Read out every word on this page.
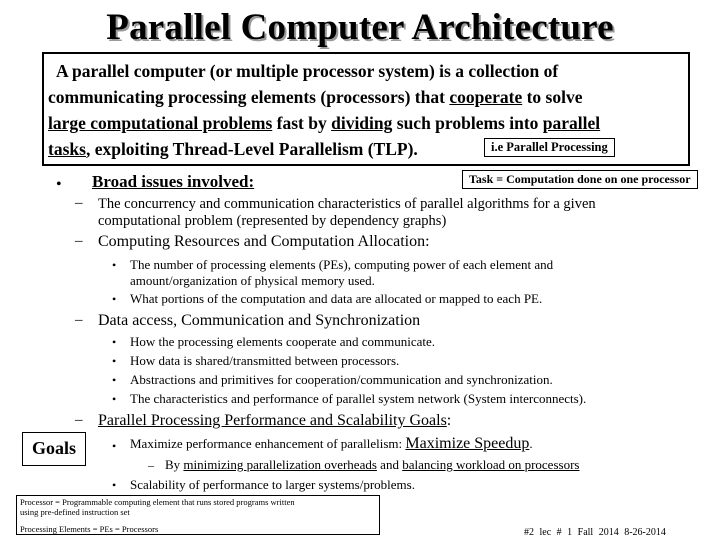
Parallel Computer Architecture
A parallel computer (or multiple processor system) is a collection of
communicating processing elements (processors) that cooperate to solve
large computational problems fast by dividing such problems into parallel
tasks, exploiting Thread-Level Parallelism (TLP).	i.e Parallel Processing
• Broad issues involved:	Task = Computation done on one processor
– The concurrency and communication characteristics of parallel algorithms for a given
computational problem (represented by dependency graphs)
– Computing Resources and Computation Allocation:
• The number of processing elements (PEs), computing power of each element and
amount/organization of physical memory used.
• What portions of the computation and data are allocated or mapped to each PE.
– Data access, Communication and Synchronization
• How the processing elements cooperate and communicate.
• How data is shared/transmitted between processors.
• Abstractions and primitives for cooperation/communication and synchronization.
• The characteristics and performance of parallel system network (System interconnects).
– Parallel Processing Performance and Scalability Goals:
Goals	• Maximize performance enhancement of parallelism: Maximize Speedup.
– By minimizing parallelization overheads and balancing workload on processors
• Scalability of performance to larger systems/problems.
Processor = Programmable computing element that runs stored programs written
using pre-defined instruction set
Processing Elements = PEs = Processors	#2 lec # 1 Fall 2014 8-26-2014
